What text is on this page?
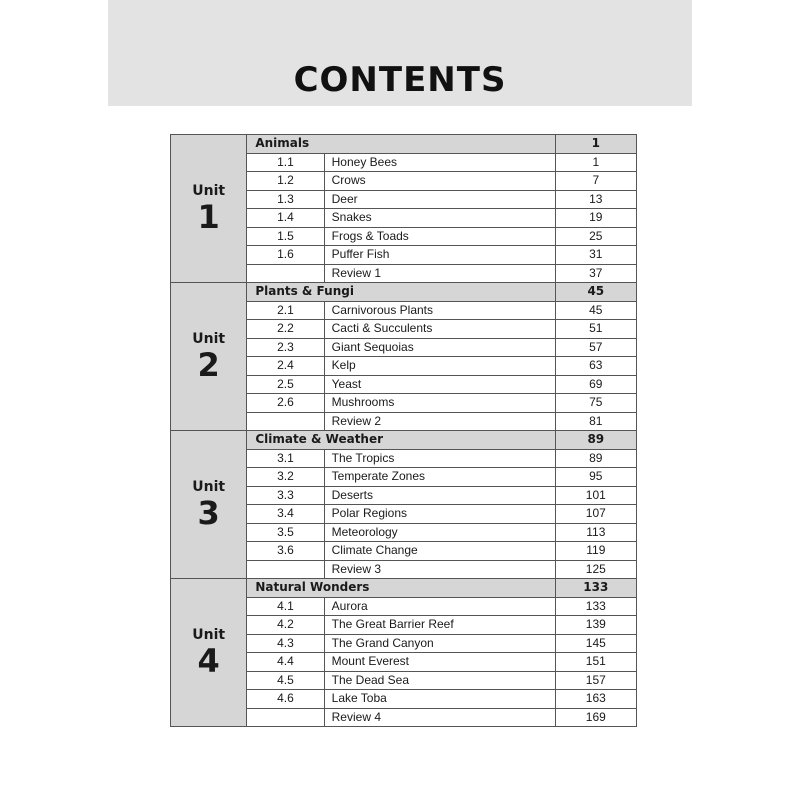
CONTENTS
Unit
1	Animals		1
	1.1	Honey Bees	1
	1.2	Crows	7
	1.3	Deer	13
	1.4	Snakes	19
	1.5	Frogs & Toads	25
	1.6	Puffer Fish	31
		Review 1	37

Unit
2	Plants & Fungi		45
	2.1	Carnivorous Plants	45
	2.2	Cacti & Succulents	51
	2.3	Giant Sequoias	57
	2.4	Kelp	63
	2.5	Yeast	69
	2.6	Mushrooms	75
		Review 2	81

Unit
3	Climate & Weather		89
	3.1	The Tropics	89
	3.2	Temperate Zones	95
	3.3	Deserts	101
	3.4	Polar Regions	107
	3.5	Meteorology	113
	3.6	Climate Change	119
		Review 3	125

Unit
4	Natural Wonders		133
	4.1	Aurora	133
	4.2	The Great Barrier Reef	139
	4.3	The Grand Canyon	145
	4.4	Mount Everest	151
	4.5	The Dead Sea	157
	4.6	Lake Toba	163
		Review 4	169
